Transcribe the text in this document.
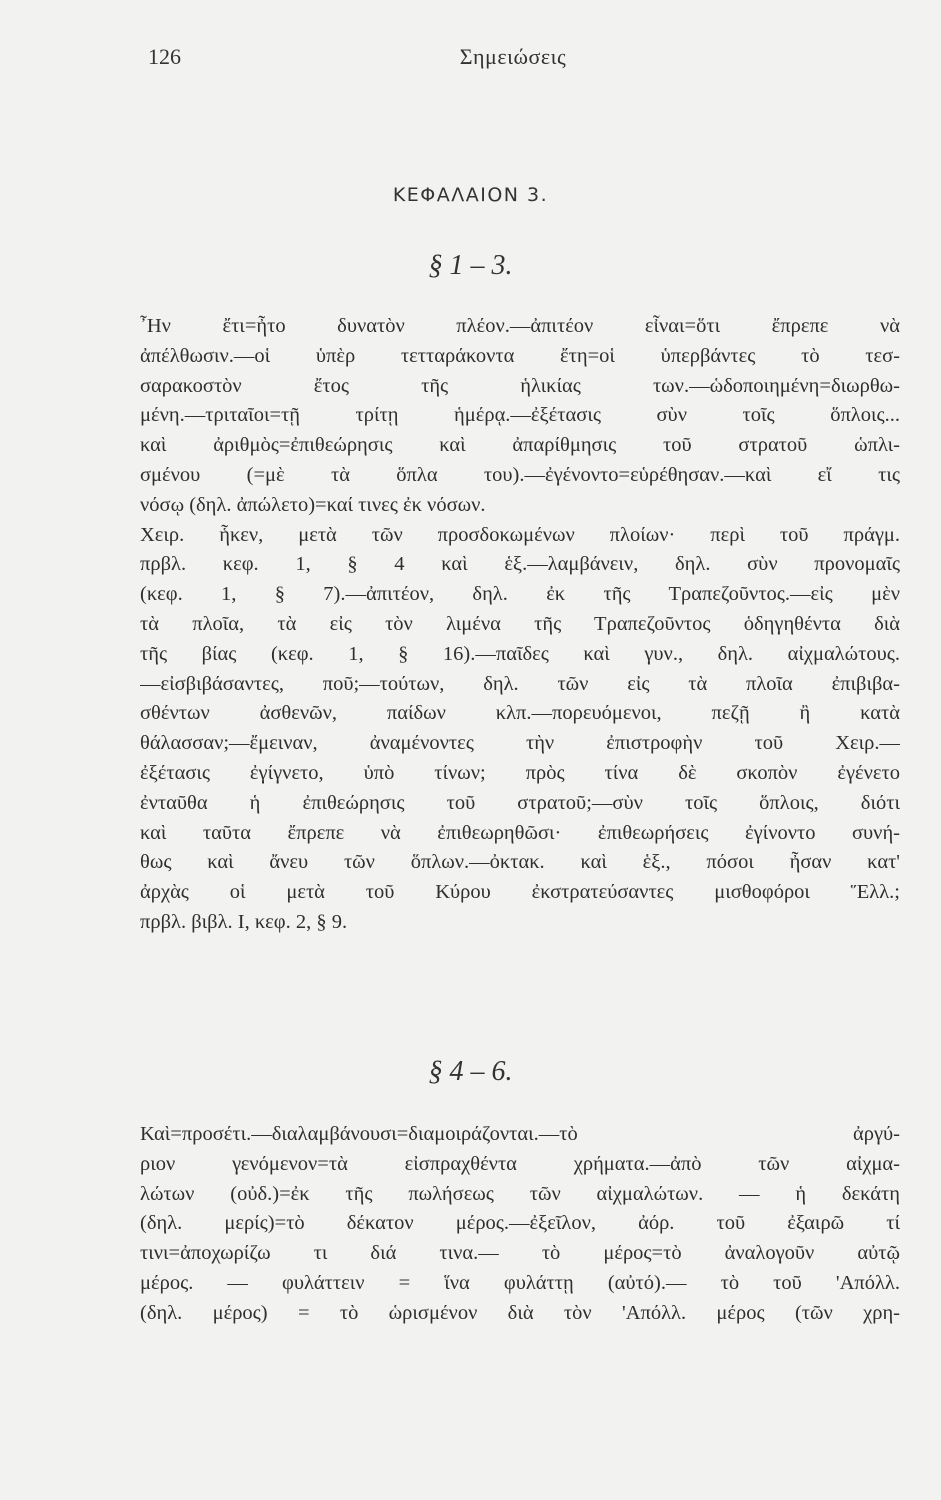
126	Σημειώσεις
ΚΕΦΑΛΑΙΟΝ 3.
§ 1 – 3.
῏Ην ἔτι=ἦτο δυνατὸν πλέον.—ἀπιτέον εἶναι=ὅτι ἔπρεπε νὰ
ἀπέλθωσιν.—οἱ ὑπὲρ τετταράκοντα ἔτη=οἱ ὑπερβάντες τὸ τεσ-
σαρακοστὸν ἔτος τῆς ἡλικίας των.—ὡδοποιημένη=διωρθω-
μένη.—τριταῖοι=τῇ τρίτῃ ἡμέρᾳ.—ἐξέτασις σὺν τοῖς ὅπλοις...
καὶ ἀριθμὸς=ἐπιθεώρησις καὶ ἀπαρίθμησις τοῦ στρατοῦ ὡπλι-
σμένου (=μὲ τὰ ὅπλα του).—ἐγένοντο=εὑρέθησαν.—καὶ εἴ τις
νόσῳ (δηλ. ἀπώλετο)=καί τινες ἐκ νόσων.
Χειρ. ἧκεν, μετὰ τῶν προσδοκωμένων πλοίων· περὶ τοῦ πράγμ.
πρβλ. κεφ. 1, § 4 καὶ ἑξ.—λαμβάνειν, δηλ. σὺν προνομαῖς
(κεφ. 1, § 7).—ἀπιτέον, δηλ. ἐκ τῆς Τραπεζοῦντος.—εἰς μὲν
τὰ πλοῖα, τὰ εἰς τὸν λιμένα τῆς Τραπεζοῦντος ὁδηγηθέντα διὰ
τῆς βίας (κεφ. 1, § 16).—παῖδες καὶ γυν., δηλ. αἰχμαλώτους.
—εἰσβιβάσαντες, ποῦ;—τούτων, δηλ. τῶν εἰς τὰ πλοῖα ἐπιβιβα-
σθέντων ἀσθενῶν, παίδων κλπ.—πορευόμενοι, πεζῇ ἢ κατὰ
θάλασσαν;—ἔμειναν, ἀναμένοντες τὴν ἐπιστροφὴν τοῦ Χειρ.—
ἐξέτασις ἐγίγνετο, ὑπὸ τίνων; πρὸς τίνα δὲ σκοπὸν ἐγένετο
ἐνταῦθα ἡ ἐπιθεώρησις τοῦ στρατοῦ;—σὺν τοῖς ὅπλοις, διότι
καὶ ταῦτα ἔπρεπε νὰ ἐπιθεωρηθῶσι· ἐπιθεωρήσεις ἐγίνοντο συνή-
θως καὶ ἄνευ τῶν ὅπλων.—ὀκτακ. καὶ ἑξ., πόσοι ἦσαν κατ'
ἀρχὰς οἱ μετὰ τοῦ Κύρου ἐκστρατεύσαντες μισθοφόροι Ἕλλ.;
πρβλ. βιβλ. I, κεφ. 2, § 9.
§ 4 – 6.
Καὶ=προσέτι.—διαλαμβάνουσι=διαμοιράζονται.—τὸ ἀργύ-
ριον γενόμενον=τὰ εἰσπραχθέντα χρήματα.—ἀπὸ τῶν αἰχμα-
λώτων (οὐδ.)=ἐκ τῆς πωλήσεως τῶν αἰχμαλώτων. — ἡ δεκάτη
(δηλ. μερίς)=τὸ δέκατον μέρος.—ἐξεῖλον, ἀόρ. τοῦ ἐξαιρῶ τί
τινι=ἀποχωρίζω τι διά τινα.— τὸ μέρος=τὸ ἀναλογοῦν αὐτῷ
μέρος. — φυλάττειν = ἵνα φυλάττῃ (αὐτό).— τὸ τοῦ 'Απόλλ.
(δηλ. μέρος) = τὸ ὡρισμένον διὰ τὸν 'Απόλλ. μέρος (τῶν χρη-
